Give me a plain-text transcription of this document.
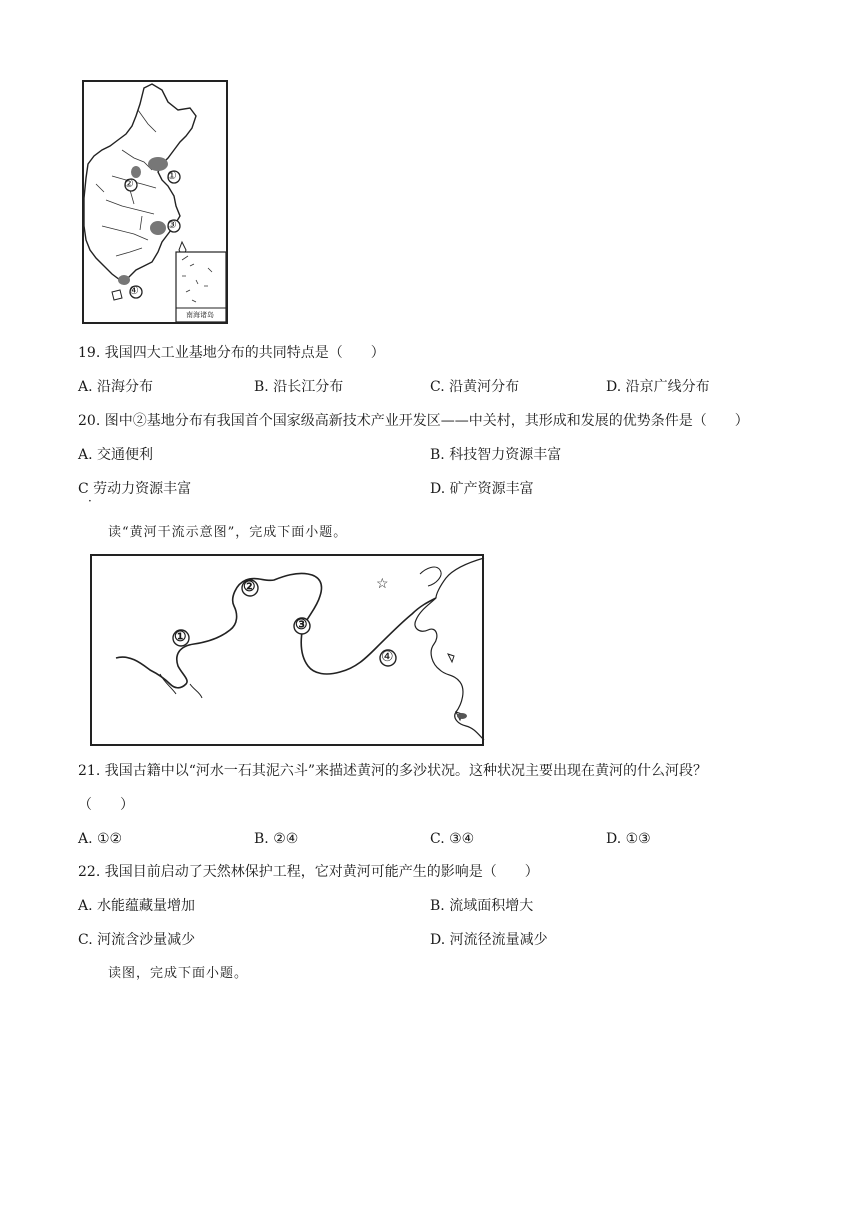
①
②
③
④
南海诸岛
19. 我国四大工业基地分布的共同特点是（　　）
A. 沿海分布	B. 沿长江分布	C. 沿黄河分布	D. 沿京广线分布
20. 图中②基地分布有我国首个国家级高新技术产业开发区——中关村，其形成和发展的优势条件是（　　）
A. 交通便利	B. 科技智力资源丰富
C 劳动力资源丰富	D. 矿产资源丰富
·
读“黄河干流示意图”，完成下面小题。
①
②
③
④
☆
21. 我国古籍中以“河水一石其泥六斗”来描述黄河的多沙状况。这种状况主要出现在黄河的什么河段？
（　　）
A. ①②	B. ②④	C. ③④	D. ①③
22. 我国目前启动了天然林保护工程，它对黄河可能产生的影响是（　　）
A. 水能蕴藏量增加	B. 流域面积增大
C. 河流含沙量减少	D. 河流径流量减少
读图，完成下面小题。
